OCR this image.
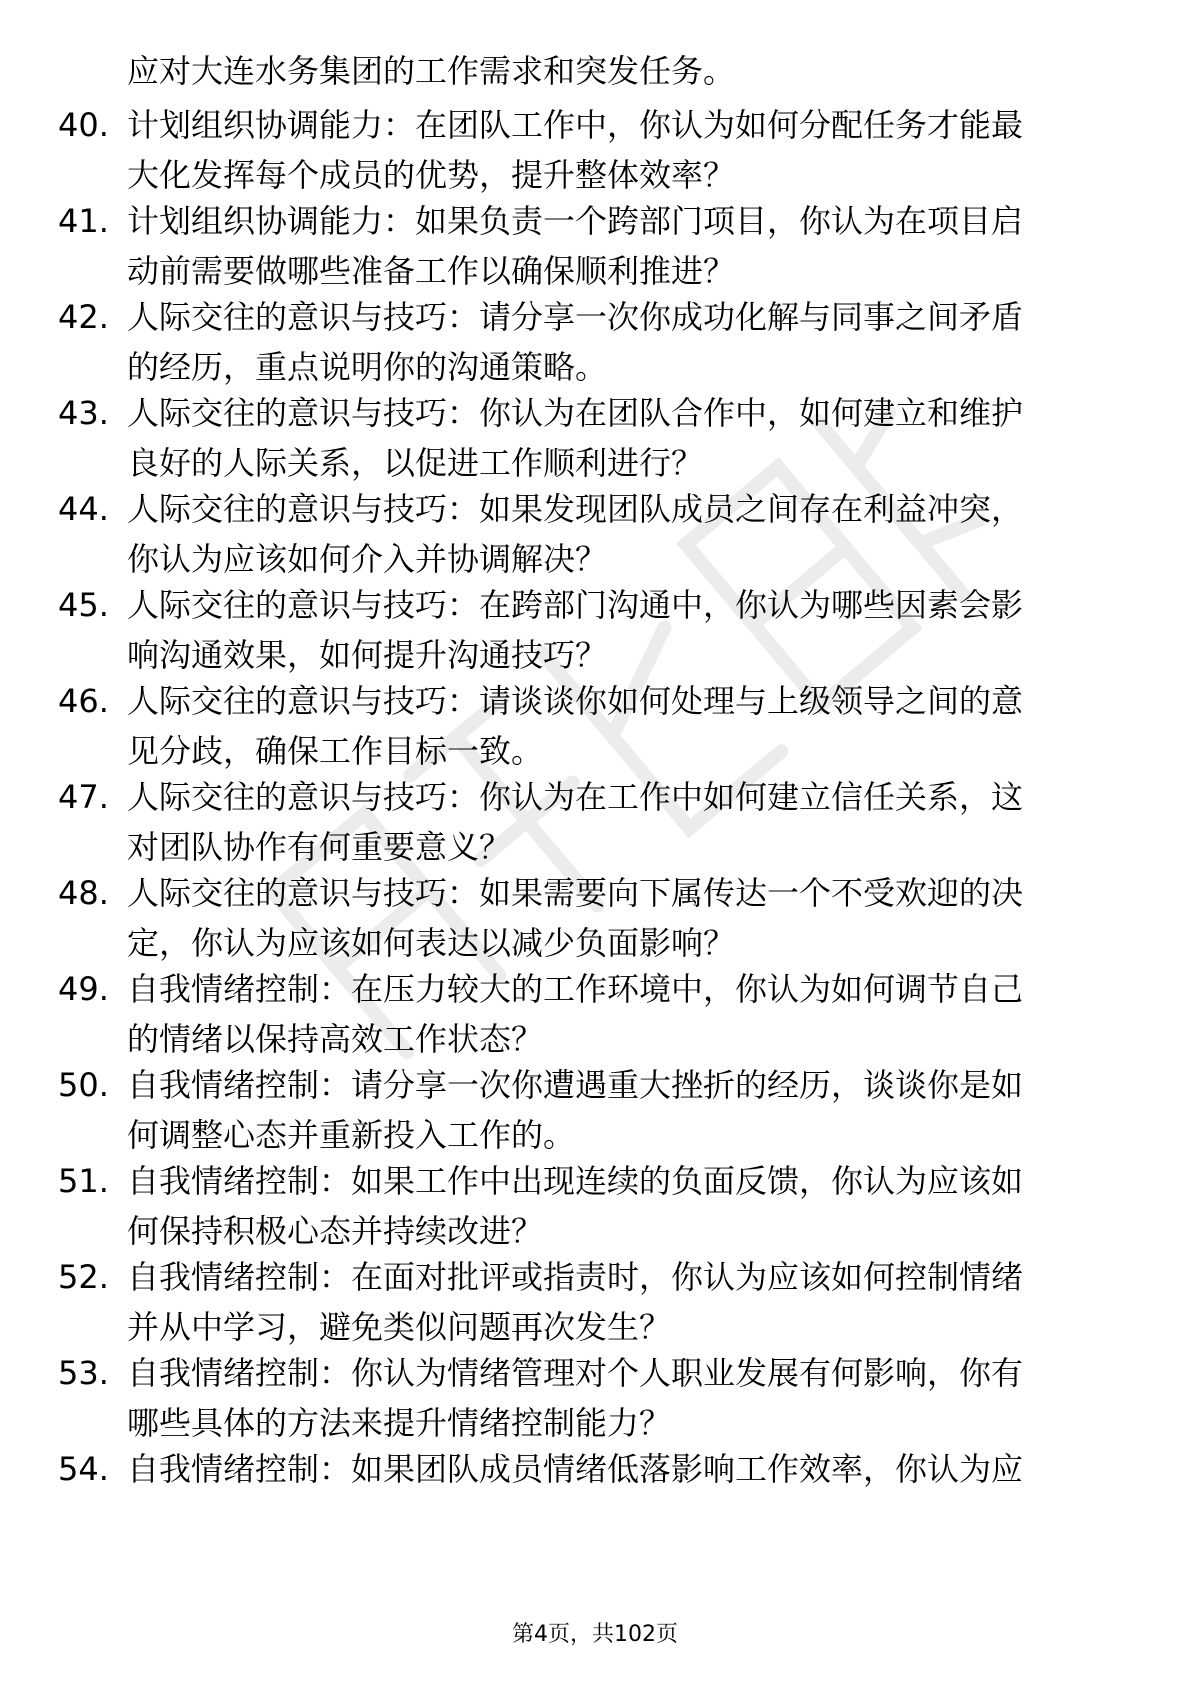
应对大连水务集团的工作需求和突发任务。
40. 计划组织协调能力：在团队工作中，你认为如何分配任务才能最
大化发挥每个成员的优势，提升整体效率？
41. 计划组织协调能力：如果负责一个跨部门项目，你认为在项目启
动前需要做哪些准备工作以确保顺利推进？
42. 人际交往的意识与技巧：请分享一次你成功化解与同事之间矛盾
的经历，重点说明你的沟通策略。
43. 人际交往的意识与技巧：你认为在团队合作中，如何建立和维护
良好的人际关系，以促进工作顺利进行？
44. 人际交往的意识与技巧：如果发现团队成员之间存在利益冲突，
你认为应该如何介入并协调解决？
45. 人际交往的意识与技巧：在跨部门沟通中，你认为哪些因素会影
响沟通效果，如何提升沟通技巧？
46. 人际交往的意识与技巧：请谈谈你如何处理与上级领导之间的意
见分歧，确保工作目标一致。
47. 人际交往的意识与技巧：你认为在工作中如何建立信任关系，这
对团队协作有何重要意义？
48. 人际交往的意识与技巧：如果需要向下属传达一个不受欢迎的决
定，你认为应该如何表达以减少负面影响？
49. 自我情绪控制：在压力较大的工作环境中，你认为如何调节自己
的情绪以保持高效工作状态？
50. 自我情绪控制：请分享一次你遭遇重大挫折的经历，谈谈你是如
何调整心态并重新投入工作的。
51. 自我情绪控制：如果工作中出现连续的负面反馈，你认为应该如
何保持积极心态并持续改进？
52. 自我情绪控制：在面对批评或指责时，你认为应该如何控制情绪
并从中学习，避免类似问题再次发生？
53. 自我情绪控制：你认为情绪管理对个人职业发展有何影响，你有
哪些具体的方法来提升情绪控制能力？
54. 自我情绪控制：如果团队成员情绪低落影响工作效率，你认为应
第4页，共102页
